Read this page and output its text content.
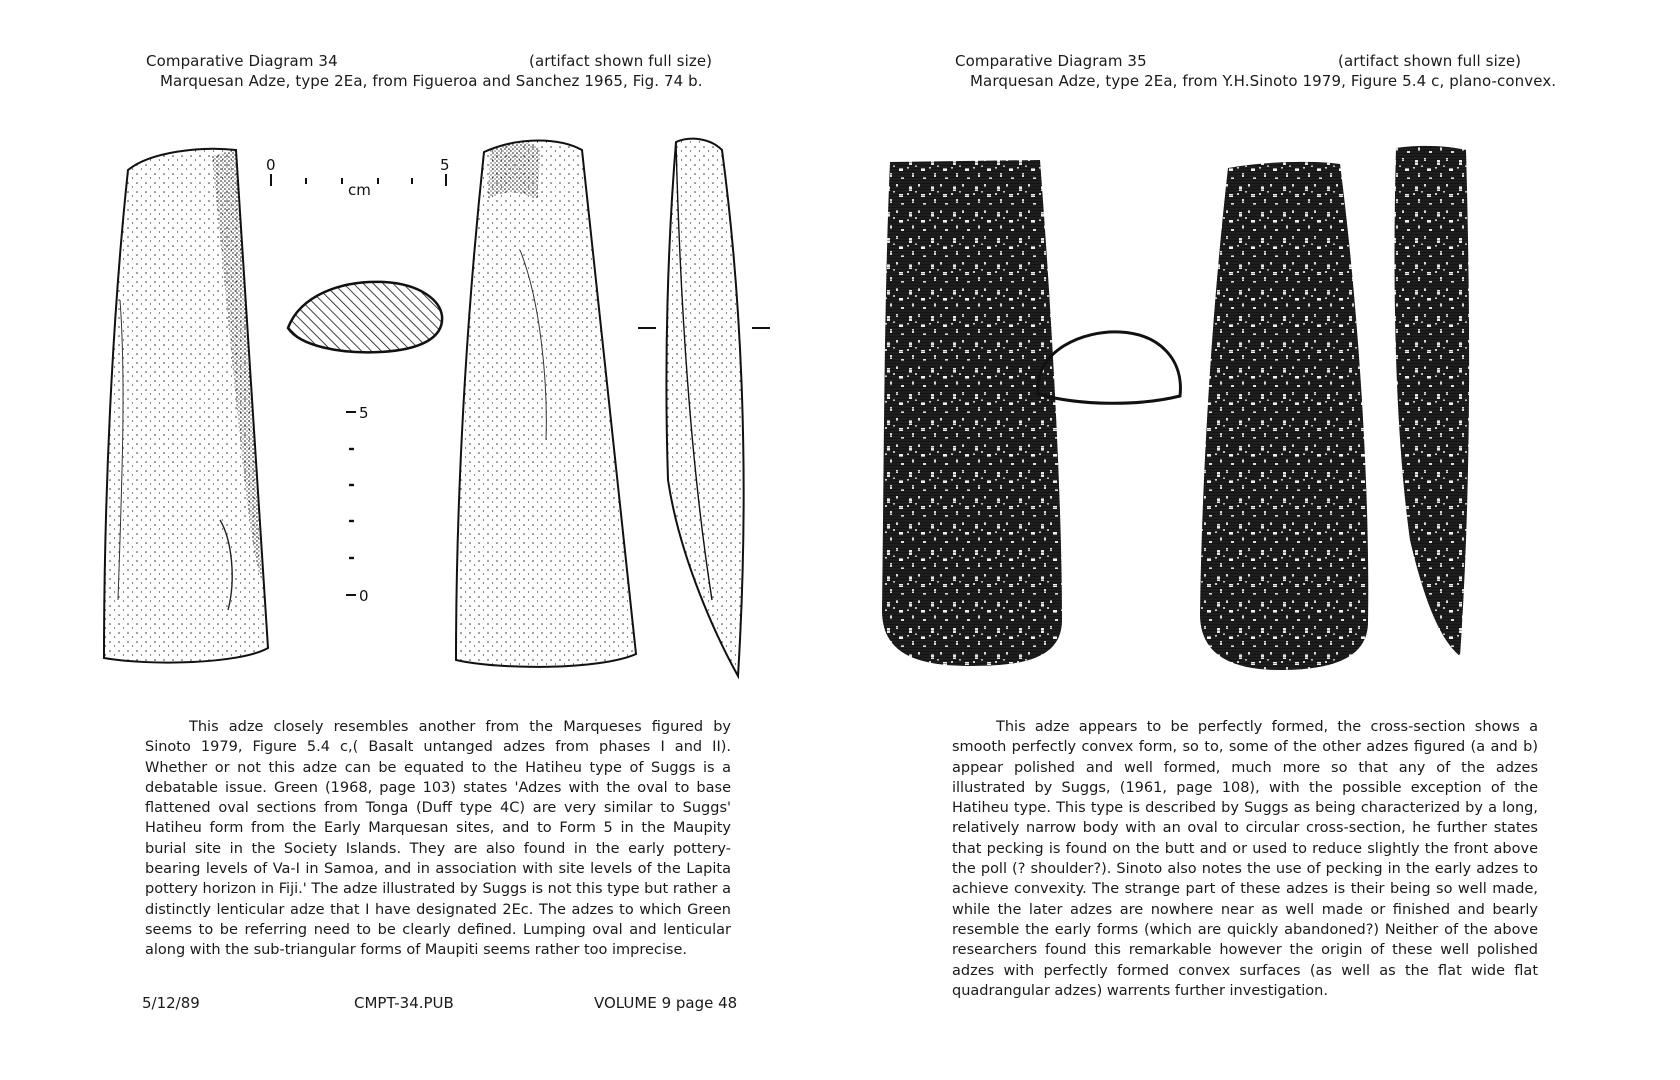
Comparative Diagram 34	(artifact shown full size)
Marquesan Adze, type 2Ea, from Figueroa and Sanchez 1965, Fig. 74 b.
0	5
cm
5
0

This adze closely resembles another from the Marqueses figured by Sinoto 1979, Figure 5.4 c,( Basalt untanged adzes from phases I and II). Whether or not this adze can be equated to the Hatiheu type of Suggs is a debatable issue. Green (1968, page 103) states 'Adzes with the oval to base flattened oval sections from Tonga (Duff type 4C) are very similar to Suggs' Hatiheu form from the Early Marquesan sites, and to Form 5 in the Maupity burial site in the Society Islands. They are also found in the early pottery-bearing levels of Va-I in Samoa, and in association with site levels of the Lapita pottery horizon in Fiji.' The adze illustrated by Suggs is not this type but rather a distinctly lenticular adze that I have designated 2Ec. The adzes to which Green seems to be referring need to be clearly defined. Lumping oval and lenticular along with the sub-triangular forms of Maupiti seems rather too imprecise.

5/12/89	CMPT-34.PUB	VOLUME 9 page 48
Comparative Diagram 35	(artifact shown full size)
Marquesan Adze, type 2Ea, from Y.H.Sinoto 1979, Figure 5.4 c, plano-convex.

This adze appears to be perfectly formed, the cross-section shows a smooth perfectly convex form, so to, some of the other adzes figured (a and b) appear polished and well formed, much more so that any of the adzes illustrated by Suggs, (1961, page 108), with the possible exception of the Hatiheu type. This type is described by Suggs as being characterized by a long, relatively narrow body with an oval to circular cross-section, he further states that pecking is found on the butt and or used to reduce slightly the front above the poll (? shoulder?). Sinoto also notes the use of pecking in the early adzes to achieve convexity. The strange part of these adzes is their being so well made, while the later adzes are nowhere near as well made or finished and bearly resemble the early forms (which are quickly abandoned?) Neither of the above researchers found this remarkable however the origin of these well polished adzes with perfectly formed convex surfaces (as well as the flat wide flat quadrangular adzes) warrents further investigation.
